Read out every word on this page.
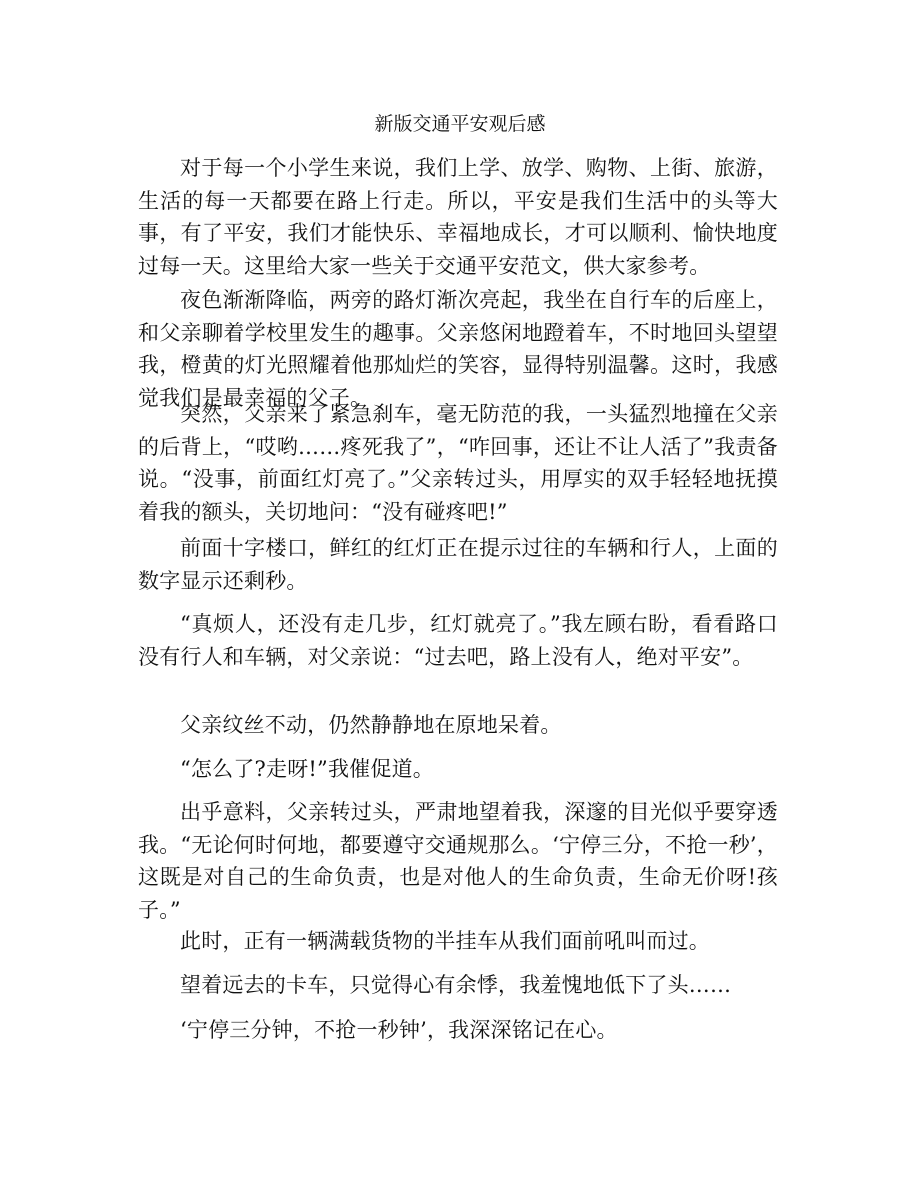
新版交通平安观后感

对于每一个小学生来说，我们上学、放学、购物、上街、旅游，生活的每一天都要在路上行走。所以，平安是我们生活中的头等大事，有了平安，我们才能快乐、幸福地成长，才可以顺利、愉快地度过每一天。这里给大家一些关于交通平安范文，供大家参考。

夜色渐渐降临，两旁的路灯渐次亮起，我坐在自行车的后座上，和父亲聊着学校里发生的趣事。父亲悠闲地蹬着车，不时地回头望望我，橙黄的灯光照耀着他那灿烂的笑容，显得特别温馨。这时，我感觉我们是最幸福的父子。

突然，父亲来了紧急刹车，毫无防范的我，一头猛烈地撞在父亲的后背上，“哎哟……疼死我了”，“咋回事，还让不让人活了”我责备说。“没事，前面红灯亮了。”父亲转过头，用厚实的双手轻轻地抚摸着我的额头，关切地问：“没有碰疼吧!”

前面十字楼口，鲜红的红灯正在提示过往的车辆和行人，上面的数字显示还剩秒。

“真烦人，还没有走几步，红灯就亮了。”我左顾右盼，看看路口没有行人和车辆，对父亲说：“过去吧，路上没有人，绝对平安”。

父亲纹丝不动，仍然静静地在原地呆着。

“怎么了?走呀!”我催促道。

出乎意料，父亲转过头，严肃地望着我，深邃的目光似乎要穿透我。“无论何时何地，都要遵守交通规那么。‘宁停三分，不抢一秒’，这既是对自己的生命负责，也是对他人的生命负责，生命无价呀!孩子。”

此时，正有一辆满载货物的半挂车从我们面前吼叫而过。

望着远去的卡车，只觉得心有余悸，我羞愧地低下了头……

‘宁停三分钟，不抢一秒钟’，我深深铭记在心。
